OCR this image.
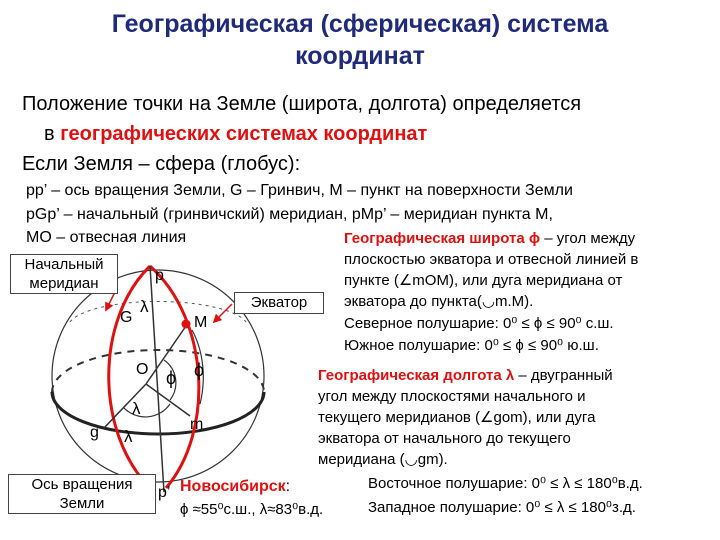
Географическая (сферическая) система
координат
Положение точки на Земле (широта, долгота) определяется
в географических системах координат
Если Земля – сфера (глобус):
pp’ – ось вращения Земли, G – Гринвич, M – пункт на поверхности Земли
pGp’ – начальный (гринвичский) меридиан, pMp’ – меридиан пункта M,
MO – отвесная линия	Географическая широта ϕ – угол между
плоскостью экватора и отвесной линией в
пункте (∠mOM), или дуга меридиана от
экватора до пункта(◡m.M).
Северное полушарие: 0⁰ ≤ ϕ ≤ 90⁰ с.ш.
Южное полушарие: 0⁰ ≤ ϕ ≤ 90⁰ ю.ш.
Географическая долгота λ – двугранный
угол между плоскостями начального и
текущего меридианов (∠gom), или дуга
экватора от начального до текущего
меридиана (◡gm).
Восточное полушарие: 0⁰ ≤ λ ≤ 180⁰в.д.
Западное полушарие: 0⁰ ≤ λ ≤ 180⁰з.д.
Новосибирск:
ϕ ≈55⁰с.ш., λ≈83⁰в.д.
p
p’
G	M
O
g	m
λ
λ
λ
ϕ ϕ
Начальный
меридиан
Экватор
Ось вращения
Земли
